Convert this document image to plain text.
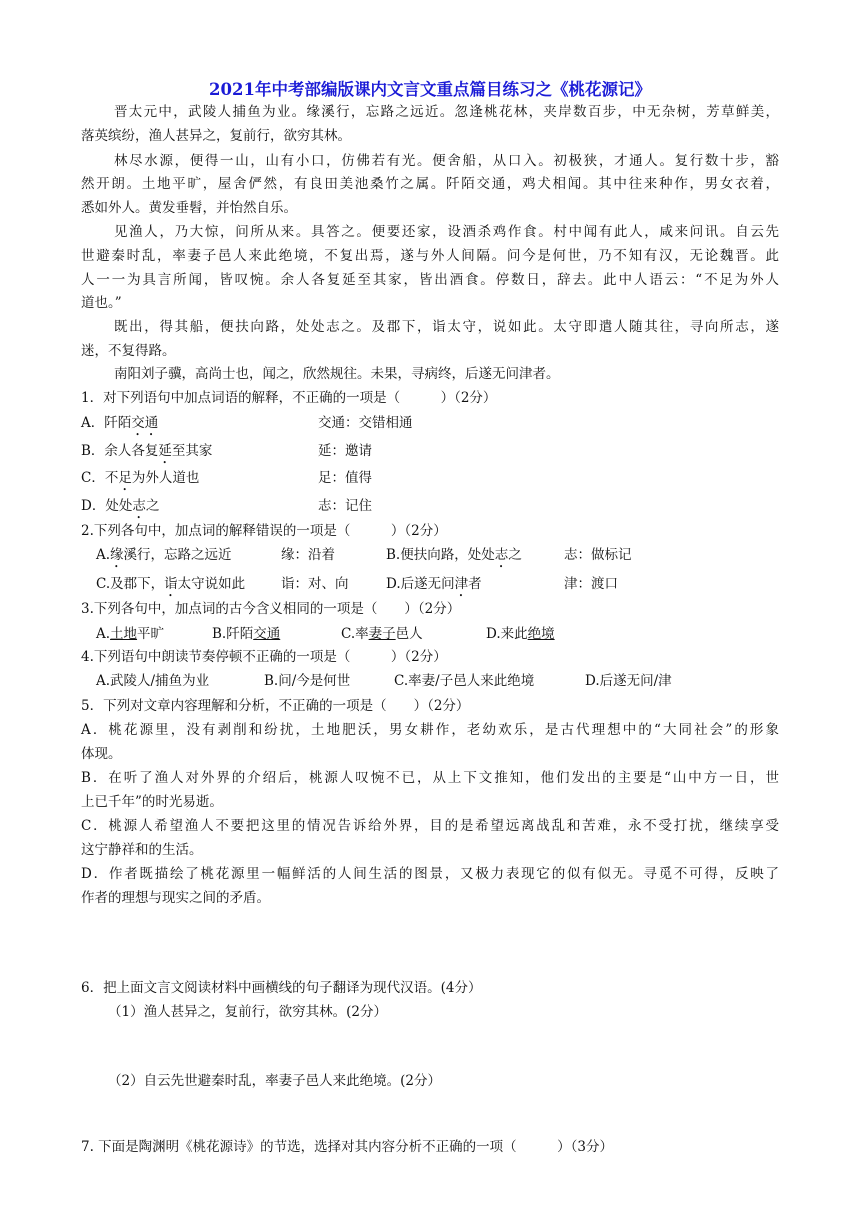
2021年中考部编版课内文言文重点篇目练习之《桃花源记》
晋太元中，武陵人捕鱼为业。缘溪行，忘路之远近。忽逢桃花林，夹岸数百步，中无杂树，芳草鲜美，
落英缤纷，渔人甚异之，复前行，欲穷其林。
林尽水源，便得一山，山有小口，仿佛若有光。便舍船，从口入。初极狭，才通人。复行数十步，豁
然开朗。土地平旷，屋舍俨然，有良田美池桑竹之属。阡陌交通，鸡犬相闻。其中往来种作，男女衣着，
悉如外人。黄发垂髫，并怡然自乐。
见渔人，乃大惊，问所从来。具答之。便要还家，设酒杀鸡作食。村中闻有此人，咸来问讯。自云先
世避秦时乱，率妻子邑人来此绝境，不复出焉，遂与外人间隔。问今是何世，乃不知有汉，无论魏晋。此
人一一为具言所闻，皆叹惋。余人各复延至其家，皆出酒食。停数日，辞去。此中人语云：“不足为外人
道也。”
既出，得其船，便扶向路，处处志之。及郡下，诣太守，说如此。太守即遣人随其往，寻向所志，遂
迷，不复得路。
南阳刘子骥，高尚士也，闻之，欣然规往。未果，寻病终，后遂无问津者。
1．对下列语句中加点词语的解释，不正确的一项是（　　　）（2分）
A．阡陌交通	交通：交错相通
B．余人各复延至其家	延：邀请
C．不足为外人道也	足：值得
D．处处志之	志：记住
2.下列各句中，加点词的解释错误的一项是（　　　）（2分）
A.缘溪行，忘路之远近	缘：沿着	B.便扶向路，处处志之	志：做标记
C.及郡下，诣太守说如此	诣：对、向	D.后遂无问津者	津：渡口
3.下列各句中，加点词的古今含义相同的一项是（　　）（2分）
A.土地平旷	B.阡陌交通	C.率妻子邑人	D.来此绝境
4.下列语句中朗读节奏停顿不正确的一项是（　　　）（2分）
A.武陵人/捕鱼为业	B.问/今是何世	C.率妻/子邑人来此绝境	D.后遂无问/津
5．下列对文章内容理解和分析，不正确的一项是（　　）（2分）
A．桃花源里，没有剥削和纷扰，土地肥沃，男女耕作，老幼欢乐，是古代理想中的“大同社会”的形象
体现。
B．在听了渔人对外界的介绍后，桃源人叹惋不已，从上下文推知，他们发出的主要是“山中方一日，世
上已千年”的时光易逝。
C．桃源人希望渔人不要把这里的情况告诉给外界，目的是希望远离战乱和苦难，永不受打扰，继续享受
这宁静祥和的生活。
D．作者既描绘了桃花源里一幅鲜活的人间生活的图景，又极力表现它的似有似无。寻觅不可得，反映了
作者的理想与现实之间的矛盾。
6．把上面文言文阅读材料中画横线的句子翻译为现代汉语。(4分）
（1）渔人甚异之，复前行，欲穷其林。(2分）
（2）自云先世避秦时乱，率妻子邑人来此绝境。(2分）
7. 下面是陶渊明《桃花源诗》的节选，选择对其内容分析不正确的一项（　　　）（3分）
